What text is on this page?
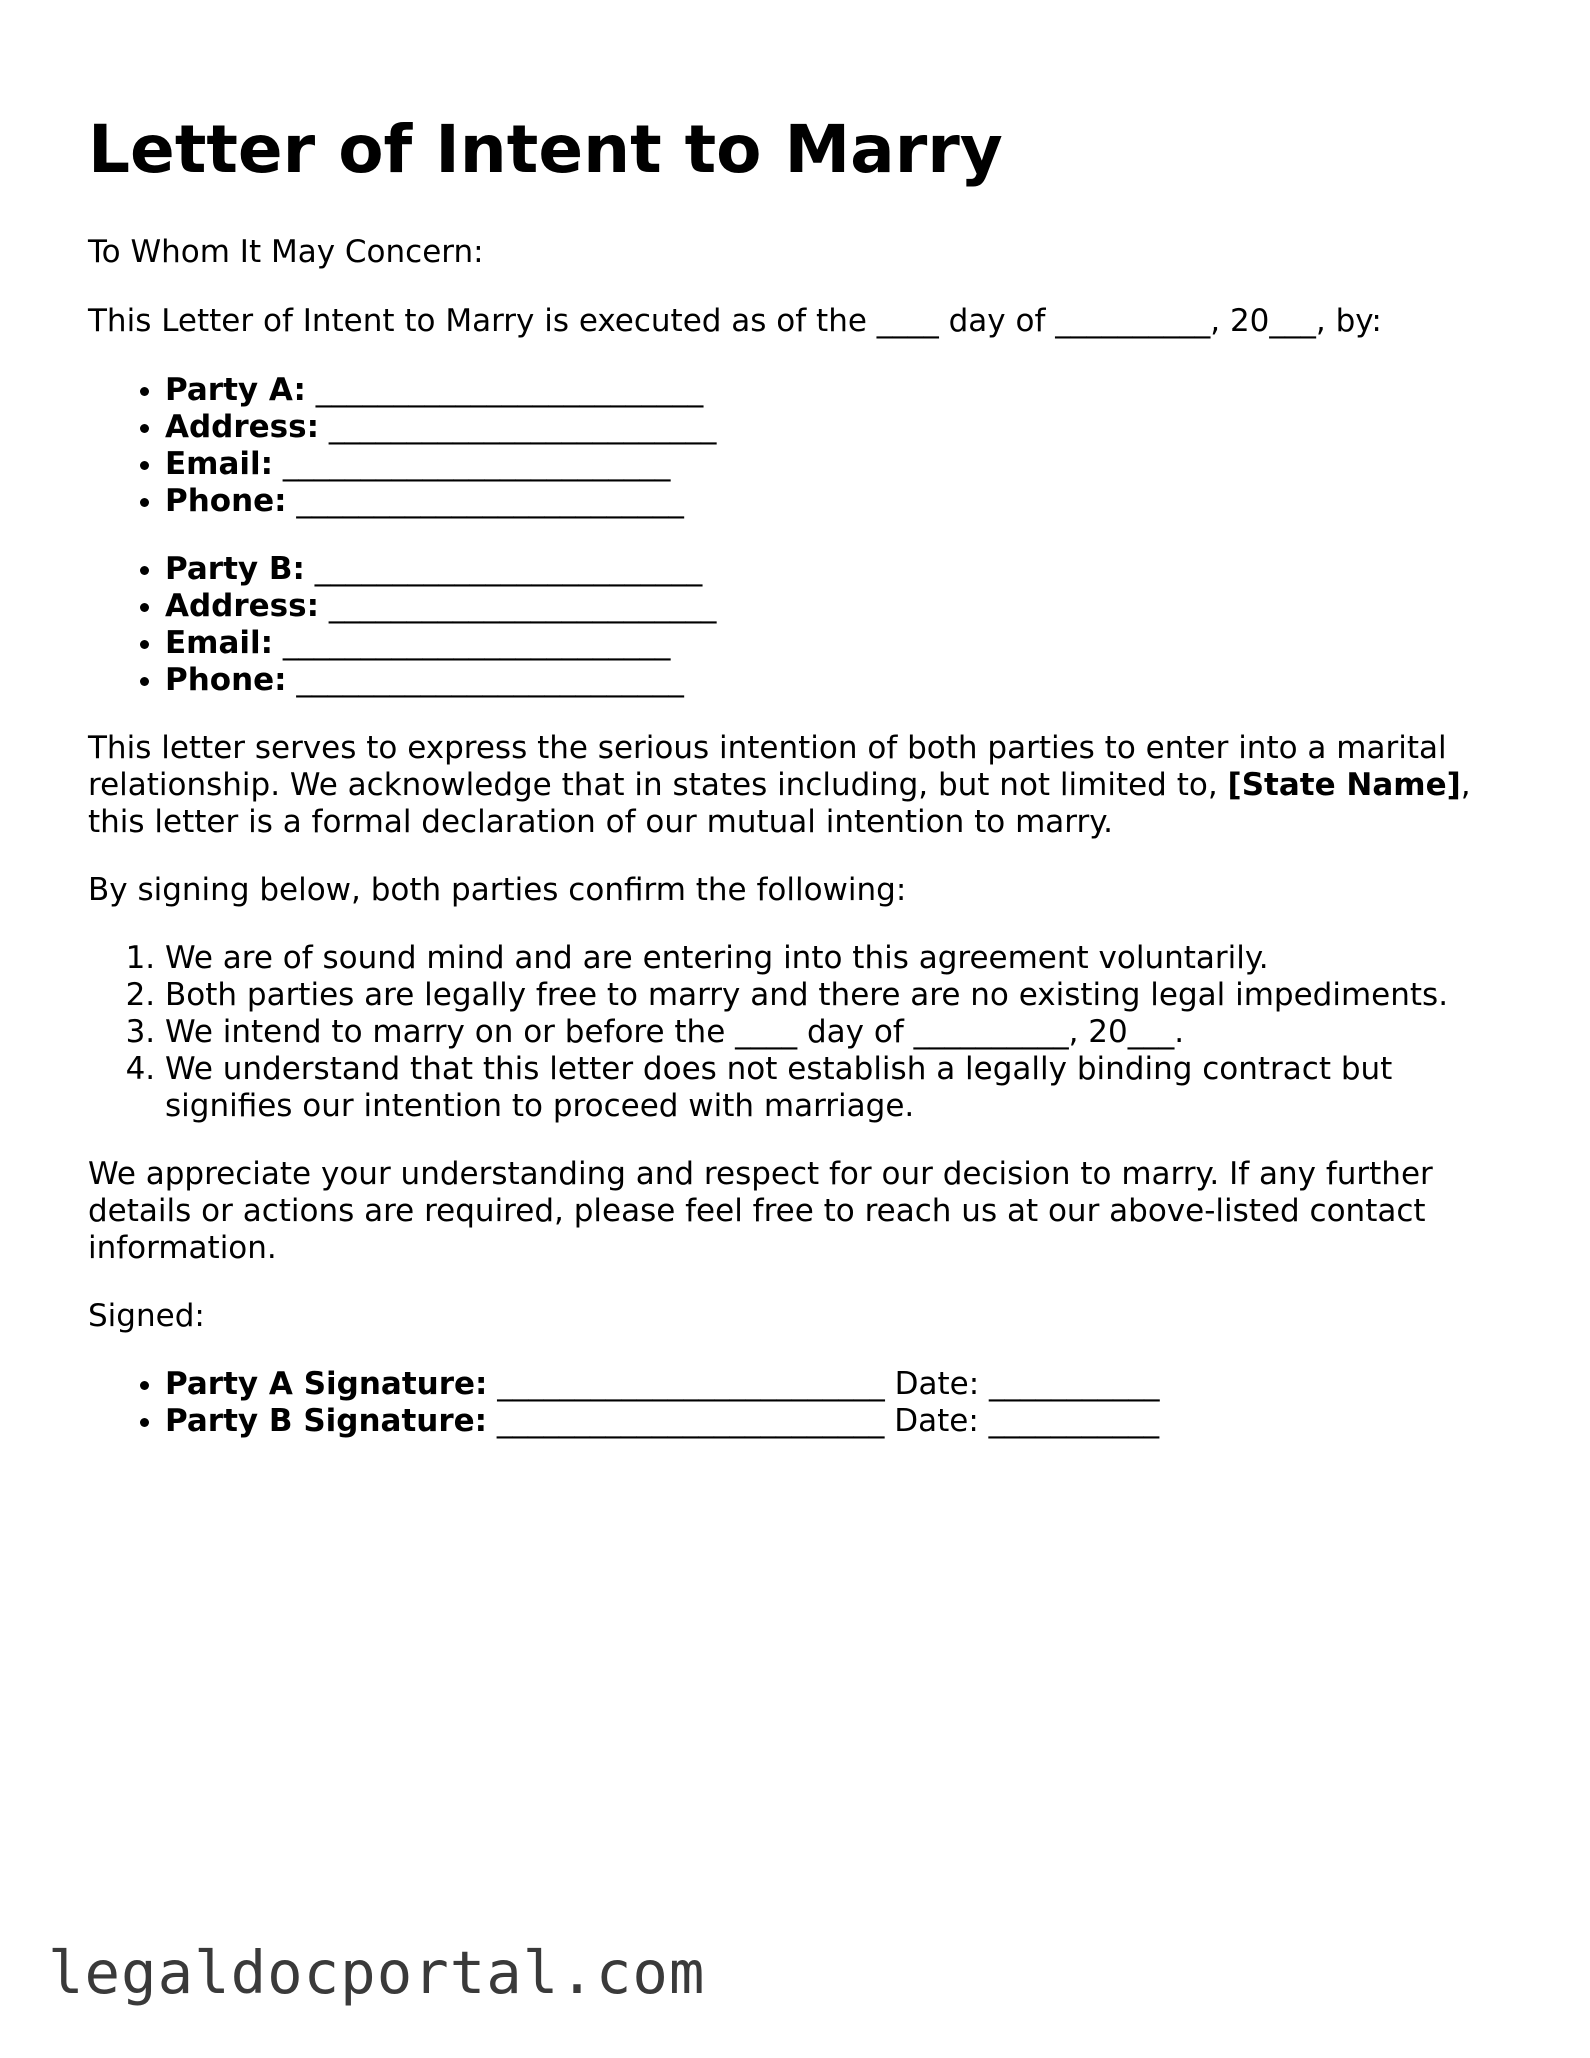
Letter of Intent to Marry

To Whom It May Concern:

This Letter of Intent to Marry is executed as of the ____ day of __________, 20___, by:

• Party A: _________________________
• Address: _________________________
• Email: _________________________
• Phone: _________________________
• Party B: _________________________
• Address: _________________________
• Email: _________________________
• Phone: _________________________

This letter serves to express the serious intention of both parties to enter into a marital relationship. We acknowledge that in states including, but not limited to, [State Name], this letter is a formal declaration of our mutual intention to marry.

By signing below, both parties confirm the following:

1. We are of sound mind and are entering into this agreement voluntarily.
2. Both parties are legally free to marry and there are no existing legal impediments.
3. We intend to marry on or before the ____ day of __________, 20___.
4. We understand that this letter does not establish a legally binding contract but signifies our intention to proceed with marriage.

We appreciate your understanding and respect for our decision to marry. If any further details or actions are required, please feel free to reach us at our above-listed contact information.

Signed:

• Party A Signature: _________________________ Date: ___________
• Party B Signature: _________________________ Date: ___________
legaldocportal.com
